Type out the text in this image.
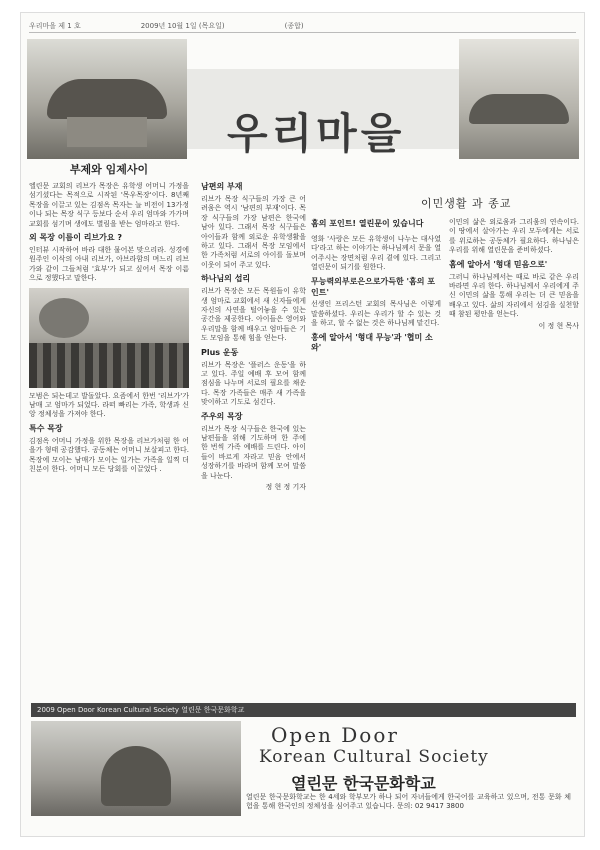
우리마을 제 1 호	2009년 10월 1일 (목요일)	(종합)
우리마을
부제와 임제사이

엘린문 교회의 리브가 목장은 유학생 어머니 가정을 섬기셨다는 목적으로 시작된 '목우목장'이다. 8년째 목장을 이끌고 있는 김점옥 목자는 늘 비전이 13가정이나 되는 목장 식구 등보다 순서 우리 엄마와 가가며 교회를 섬기며 생에도 별림을 받는 엄마라고 한다.

외 목장 이름이 리브가요 ?

인터뷰 시작하여 바라 대한 물어본 맞으리라. 성경에 원주인 이삭의 아내 리브가, 아브라함의 며느리 리브가와 같이 그들처럼 '효부'가 되고 싶어서 목장 이름으로 정했다고 말한다.

모범은 되는데고 발돌았다. 요즘에서 한번 '리브가'가 남매 고 엄마가 되었다. 라떠 빠리는 가족, 학생과 신앙 정체성을 가져야 한다.

특수 목장

김점옥 어머니 가정을 위한 목장을 리브가처럼 한 어을가 형태 공감했다. 공동체는 어머니 보살피고 한다. 목장에 모이는 남매가 모이는 일가는 가족을 일찍 더 친분이 한다. 어머니 모든 당회를 이끌었다 .

홈의 포인트! 열린문이 있습니다
이민생활 과 종교
남편의 부재

리브가 목장 식구들의 가장 큰 어려움은 역시 '남편의 부재'이다. 목장 식구들의 가장 남편은 한국에 남아 있다. 그래서 목장 식구들은 아이들과 함께 외로운 유학생활을 하고 있다. 그래서 목장 모임에서 한 가족처럼 서로의 아이를 돌보며 이웃이 되어 주고 있다.

하나님의 섭리

리브가 목장은 모든 목원들이 유학생 엄마로 교회에서 새 신자들에게 자신의 사연을 털어놓을 수 있는 공간을 제공한다. 아이들은 영어와 우리말을 함께 배우고 엄마들은 기도 모임을 통해 힘을 얻는다.

Plus 운동

리브가 목장은 '플러스 운동'을 하고 있다. 주일 예배 후 모여 함께 점심을 나누며 서로의 필요를 채운다. 목장 가족들은 매주 새 가족을 맞이하고 기도로 섬긴다.

주우의 목장

리브가 목장 식구들은 한국에 있는 남편들을 위해 기도하며 한 주에 한 번씩 가족 예배를 드린다. 아이들이 바르게 자라고 믿음 안에서 성장하기를 바라며 함께 모여 말씀을 나눈다.

정 현 정 기자

영화 '사랑은 모든 유학생이 나누는 대사였다'라고 하는 이야기는 하나님께서 문을 열어주시는 장면처럼 우리 곁에 있다. 그리고 열린문이 되기를 원한다.

무능력의부로은으로가득한 '홈의 포인트'

선생인 프리스턴 교회의 목사님은 이렇게 말씀하셨다. 우리는 우리가 할 수 있는 것을 하고, 할 수 없는 것은 하나님께 맡긴다.

홍에 알아서 '형대 무능'과 '협미 소와'

이민의 삶은 외로움과 그리움의 연속이다. 이 땅에서 살아가는 우리 모두에게는 서로를 위로하는 공동체가 필요하다. 하나님은 우리를 위해 열린문을 준비하셨다.

홈에 알아서 '형대 믿음으로'

그러니 하나님께서는 때로 바로 같은 우리 바라면 우리 한다. 하나님께서 우리에게 주신 이민의 삶을 통해 우리는 더 큰 믿음을 배우고 있다. 삶의 자리에서 섬김을 실천할 때 참된 평안을 얻는다.

이 정 현 목사
2009 Open Door Korean Cultural Society 열린문 한국문화학교
Open Door
Korean Cultural Society
열린문 한국문화학교
열린문 한국문화학교는 한 4세와 학부모가 하나 되어 자녀들에게 한국어를 교육하고 있으며, 전통 문화 체험을 통해 한국인의 정체성을 심어주고 있습니다. 문의: 02 9417 3800
